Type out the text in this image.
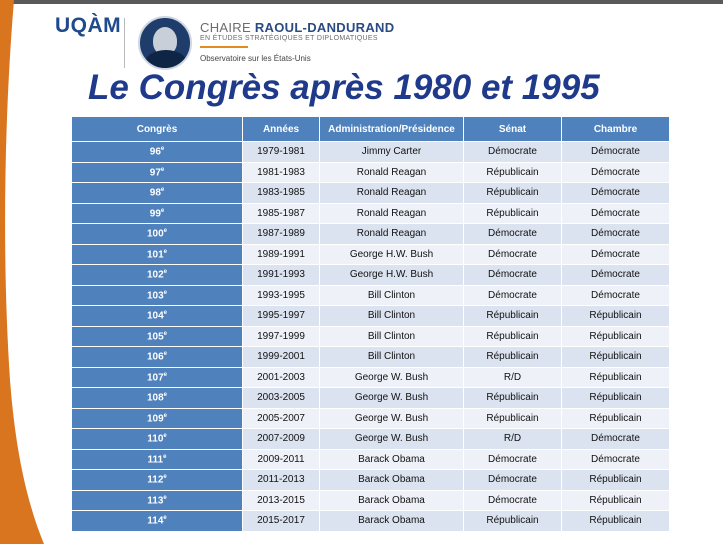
UQÀM	CHAIRE RAOUL-DANDURAND
EN ÉTUDES STRATÉGIQUES ET DIPLOMATIQUES
Observatoire sur les États-Unis
Le Congrès après 1980 et 1995
Congrès	Années	Administration/Présidence	Sénat	Chambre
96e	1979-1981	Jimmy Carter	Démocrate	Démocrate
97e	1981-1983	Ronald Reagan	Républicain	Démocrate
98e	1983-1985	Ronald Reagan	Républicain	Démocrate
99e	1985-1987	Ronald Reagan	Républicain	Démocrate
100e	1987-1989	Ronald Reagan	Démocrate	Démocrate
101e	1989-1991	George H.W. Bush	Démocrate	Démocrate
102e	1991-1993	George H.W. Bush	Démocrate	Démocrate
103e	1993-1995	Bill Clinton	Démocrate	Démocrate
104e	1995-1997	Bill Clinton	Républicain	Républicain
105e	1997-1999	Bill Clinton	Républicain	Républicain
106e	1999-2001	Bill Clinton	Républicain	Républicain
107e	2001-2003	George W. Bush	R/D	Républicain
108e	2003-2005	George W. Bush	Républicain	Républicain
109e	2005-2007	George W. Bush	Républicain	Républicain
110e	2007-2009	George W. Bush	R/D	Démocrate
111e	2009-2011	Barack Obama	Démocrate	Démocrate
112e	2011-2013	Barack Obama	Démocrate	Républicain
113e	2013-2015	Barack Obama	Démocrate	Républicain
114e	2015-2017	Barack Obama	Républicain	Républicain
